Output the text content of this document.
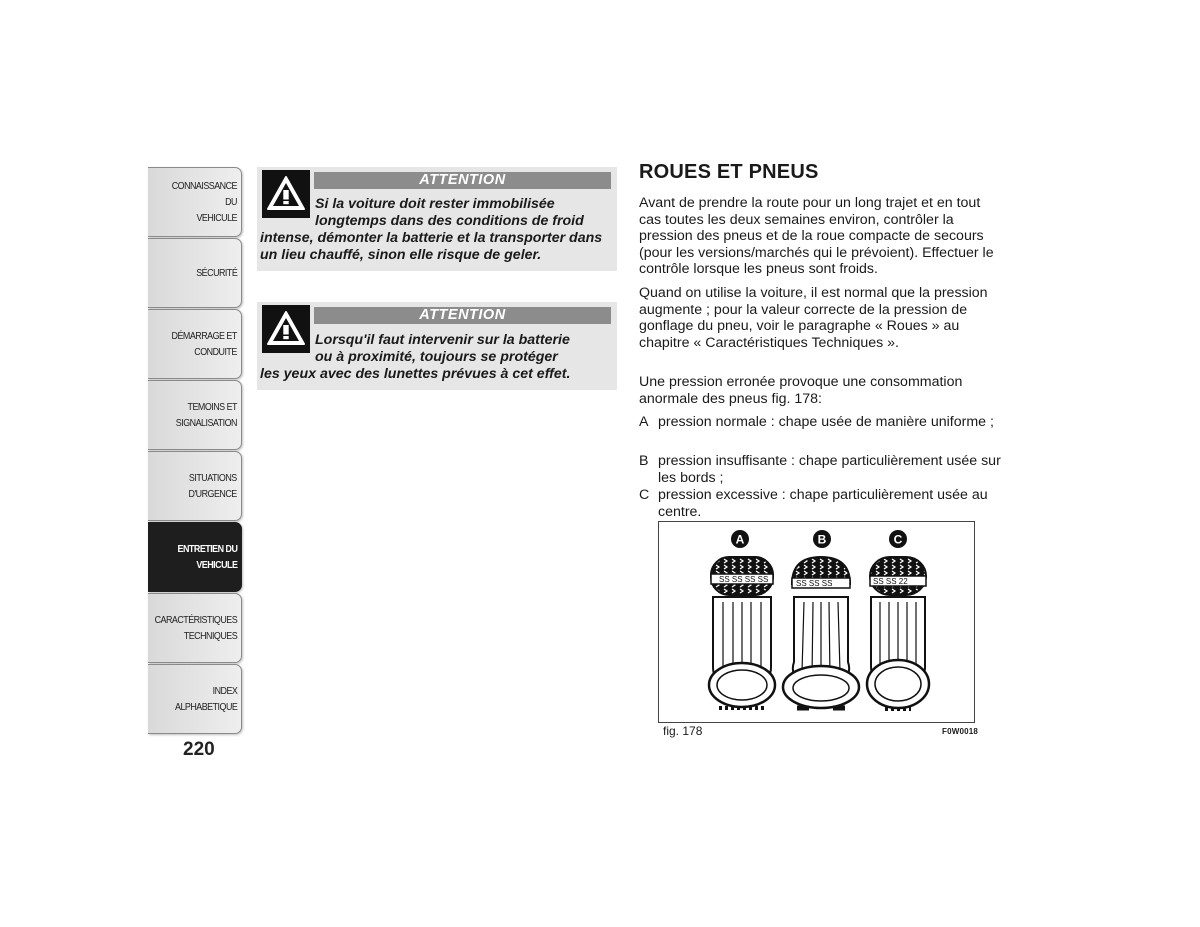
CONNAISSANCE DU
VEHICULE
SÉCURITÉ
DÉMARRAGE ET
CONDUITE
TEMOINS ET
SIGNALISATION
SITUATIONS
D'URGENCE
ENTRETIEN DU
VEHICULE
CARACTÉRISTIQUES
TECHNIQUES
INDEX
ALPHABETIQUE
220
ATTENTION
Si la voiture doit rester immobilisée
longtemps dans des conditions de froid
intense, démonter la batterie et la transporter dans un lieu chauffé, sinon elle risque de geler.
ATTENTION
Lorsqu'il faut intervenir sur la batterie
ou à proximité, toujours se protéger
les yeux avec des lunettes prévues à cet effet.
ROUES ET PNEUS

Avant de prendre la route pour un long trajet et en tout cas toutes les deux semaines environ, contrôler la pression des pneus et de la roue compacte de secours (pour les versions/marchés qui le prévoient). Effectuer le contrôle lorsque les pneus sont froids.

Quand on utilise la voiture, il est normal que la pression augmente ; pour la valeur correcte de la pression de gonflage du pneu, voir le paragraphe « Roues » au chapitre « Caractéristiques Techniques ».

Une pression erronée provoque une consommation anormale des pneus fig. 178:

A pression normale : chape usée de manière uniforme ;
B pression insuffisante : chape particulièrement usée sur les bords ;
C pression excessive : chape particulièrement usée au centre.
SS SS SS SS	SS SS SS	SS SS 22
A	B	C
fig. 178	F0W0018
